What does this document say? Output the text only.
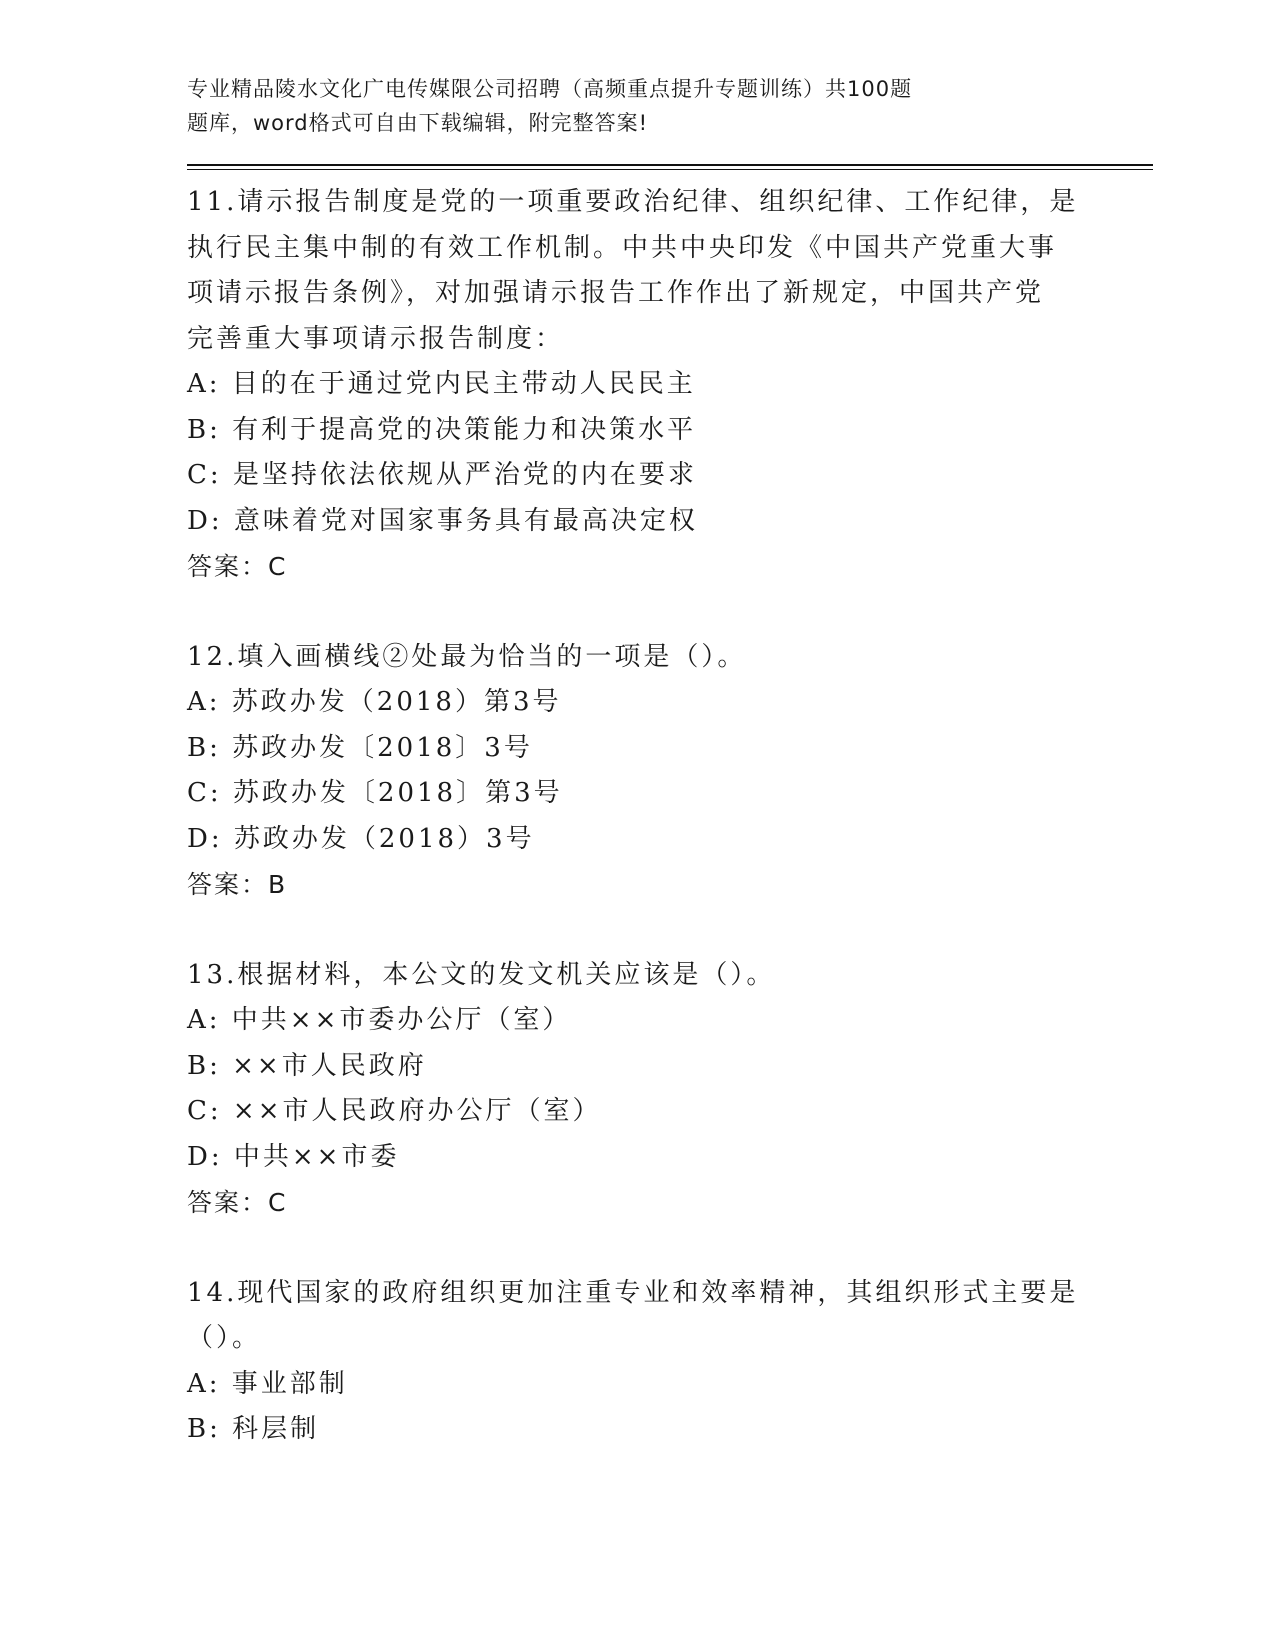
专业精品陵水文化广电传媒限公司招聘（高频重点提升专题训练）共100题
题库，word格式可自由下载编辑，附完整答案!
11.请示报告制度是党的一项重要政治纪律、组织纪律、工作纪律，是
执行民主集中制的有效工作机制。中共中央印发《中国共产党重大事
项请示报告条例》，对加强请示报告工作作出了新规定，中国共产党
完善重大事项请示报告制度：
A: 目的在于通过党内民主带动人民民主
B: 有利于提高党的决策能力和决策水平
C: 是坚持依法依规从严治党的内在要求
D: 意味着党对国家事务具有最高决定权
答案：C
12.填入画横线②处最为恰当的一项是（）。
A: 苏政办发（2018）第3号
B: 苏政办发〔2018〕3号
C: 苏政办发〔2018〕第3号
D: 苏政办发（2018）3号
答案：B
13.根据材料，本公文的发文机关应该是（）。
A: 中共××市委办公厅（室）
B: ××市人民政府
C: ××市人民政府办公厅（室）
D: 中共××市委
答案：C
14.现代国家的政府组织更加注重专业和效率精神，其组织形式主要是
（）。
A: 事业部制
B: 科层制
